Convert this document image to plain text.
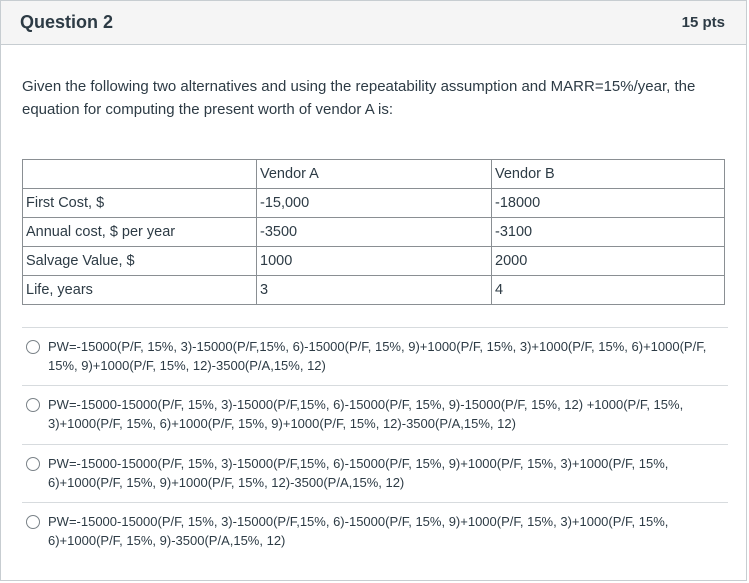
Question 2	15 pts

Given the following two alternatives and using the repeatability assumption and MARR=15%/year, the equation for computing the present worth of vendor A is:

	Vendor A	Vendor B
First Cost, $	-15,000	-18000
Annual cost, $ per year	-3500	-3100
Salvage Value, $	1000	2000
Life, years	3	4
PW=-15000(P/F, 15%, 3)-15000(P/F,15%, 6)-15000(P/F, 15%, 9)+1000(P/F, 15%, 3)+1000(P/F, 15%, 6)+1000(P/F, 15%, 9)+1000(P/F, 15%, 12)-3500(P/A,15%, 12)
PW=-15000-15000(P/F, 15%, 3)-15000(P/F,15%, 6)-15000(P/F, 15%, 9)-15000(P/F, 15%, 12) +1000(P/F, 15%, 3)+1000(P/F, 15%, 6)+1000(P/F, 15%, 9)+1000(P/F, 15%, 12)-3500(P/A,15%, 12)
PW=-15000-15000(P/F, 15%, 3)-15000(P/F,15%, 6)-15000(P/F, 15%, 9)+1000(P/F, 15%, 3)+1000(P/F, 15%, 6)+1000(P/F, 15%, 9)+1000(P/F, 15%, 12)-3500(P/A,15%, 12)
PW=-15000-15000(P/F, 15%, 3)-15000(P/F,15%, 6)-15000(P/F, 15%, 9)+1000(P/F, 15%, 3)+1000(P/F, 15%, 6)+1000(P/F, 15%, 9)-3500(P/A,15%, 12)
